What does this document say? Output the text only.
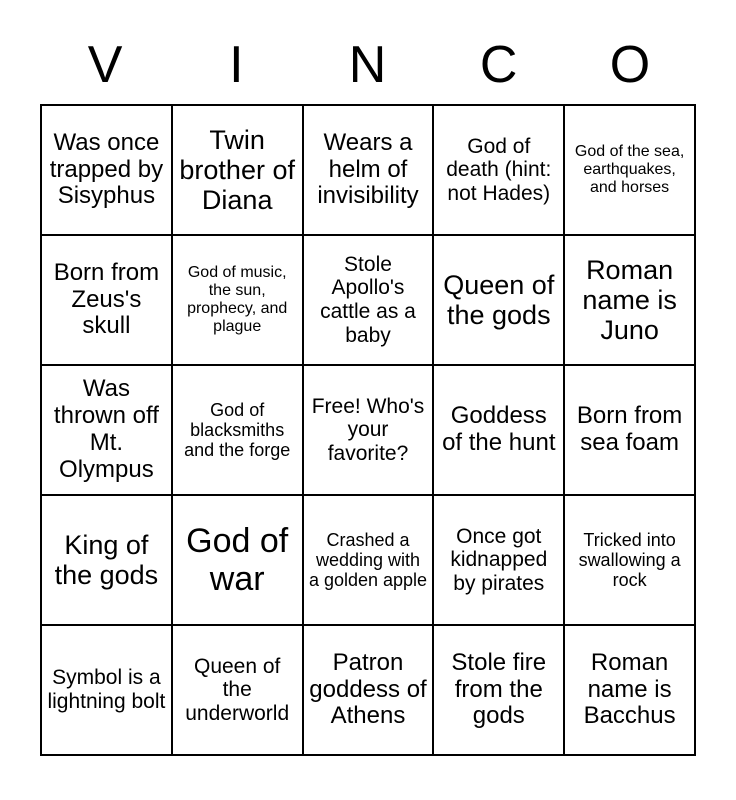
V	I	N	C	O
Was once trapped by Sisyphus	Twin brother of Diana	Wears a helm of invisibility	God of death (hint: not Hades)	God of the sea, earthquakes, and horses
Born from Zeus's skull	God of music, the sun, prophecy, and plague	Stole Apollo's cattle as a baby	Queen of the gods	Roman name is Juno
Was thrown off Mt. Olympus	God of blacksmiths and the forge	Free! Who's your favorite?	Goddess of the hunt	Born from sea foam
King of the gods	God of war	Crashed a wedding with a golden apple	Once got kidnapped by pirates	Tricked into swallowing a rock
Symbol is a lightning bolt	Queen of the underworld	Patron goddess of Athens	Stole fire from the gods	Roman name is Bacchus
